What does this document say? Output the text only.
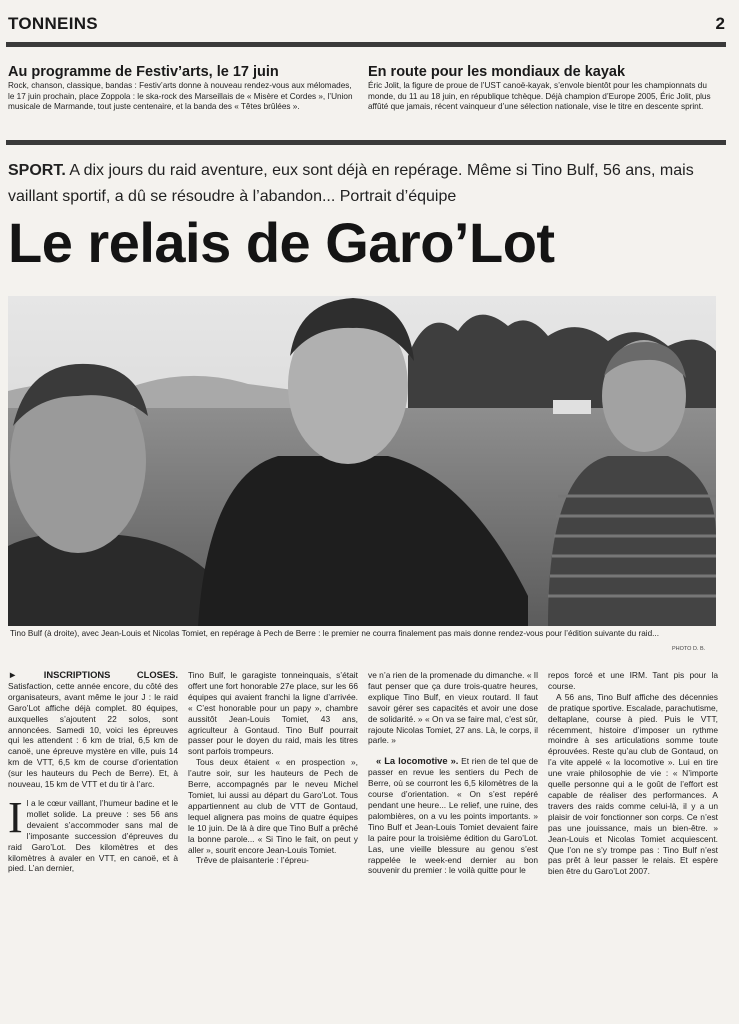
TONNEINS	2
Au programme de Festiv’arts, le 17 juin

Rock, chanson, classique, bandas : Festiv’arts donne à nouveau rendez-vous aux mélomades, le 17 juin prochain, place Zoppola : le ska-rock des Marseillais de « Misère et Cordes », l’Union musicale de Marmande, tout juste centenaire, et la banda des « Têtes brûlées ».

En route pour les mondiaux de kayak

Éric Jolit, la figure de proue de l’UST canoë-kayak, s’envole bientôt pour les championnats du monde, du 11 au 18 juin, en république tchèque. Déjà champion d’Europe 2005, Éric Jolit, plus affûté que jamais, récent vainqueur d’une sélection nationale, vise le titre en descente sprint.

SPORT. A dix jours du raid aventure, eux sont déjà en repérage. Même si Tino Bulf, 56 ans, mais vaillant sportif, a dû se résoudre à l’abandon... Portrait d’équipe
Le relais de Garo’Lot
Tino Bulf (à droite), avec Jean-Louis et Nicolas Tomiet, en repérage à Pech de Berre : le premier ne courra finalement pas mais donne rendez-vous pour l’édition suivante du raid...
PHOTO D. B.

► INSCRIPTIONS CLOSES. Satisfaction, cette année encore, du côté des organisateurs, avant même le jour J : le raid Garo’Lot affiche déjà complet. 80 équipes, auxquelles s’ajoutent 22 solos, sont annoncées. Samedi 10, voici les épreuves qui les attendent : 6 km de trial, 6,5 km de canoë, une épreuve mystère en ville, puis 14 km de VTT, 6,5 km de course d’orientation (sur les hauteurs du Pech de Berre). Et, à nouveau, 15 km de VTT et du tir à l’arc.

I l a le cœur vaillant, l’humeur badine et le mollet solide. La preuve : ses 56 ans devaient s’accommoder sans mal de l’imposante succession d’épreuves du raid Garo’Lot. Des kilomètres et des kilomètres à avaler en VTT, en canoë, et à pied. L’an dernier,

Tino Bulf, le garagiste tonneinquais, s’était offert une fort honorable 27e place, sur les 66 équipes qui avaient franchi la ligne d’arrivée. « C’est honorable pour un papy », chambre aussitôt Jean-Louis Tomiet, 43 ans, agriculteur à Gontaud. Tino Bulf pourrait passer pour le doyen du raid, mais les titres sont parfois trompeurs.

Tous deux étaient « en prospection », l’autre soir, sur les hauteurs de Pech de Berre, accompagnés par le neveu Michel Tomiet, lui aussi au départ du Garo’Lot. Tous appartiennent au club de VTT de Gontaud, lequel alignera pas moins de quatre équipes le 10 juin. De là à dire que Tino Bulf a prêché la bonne parole... « Si Tino le fait, on peut y aller », sourit encore Jean-Louis Tomiet.

Trêve de plaisanterie : l’épreu-

ve n’a rien de la promenade du dimanche. « Il faut penser que ça dure trois-quatre heures, explique Tino Bulf, en vieux routard. Il faut savoir gérer ses capacités et avoir une dose de solidarité. » « On va se faire mal, c’est sûr, rajoute Nicolas Tomiet, 27 ans. Là, le corps, il parle. »

« La locomotive ». Et rien de tel que de passer en revue les sentiers du Pech de Berre, où se courront les 6,5 kilomètres de la course d’orientation. « On s’est repéré pendant une heure... Le relief, une ruine, des palombières, on a vu les points importants. » Tino Bulf et Jean-Louis Tomiet devaient faire la paire pour la troisième édition du Garo’Lot. Las, une vieille blessure au genou s’est rappelée le week-end dernier au bon souvenir du premier : le voilà quitte pour le

repos forcé et une IRM. Tant pis pour la course.

A 56 ans, Tino Bulf affiche des décennies de pratique sportive. Escalade, parachutisme, deltaplane, course à pied. Puis le VTT, récemment, histoire d’imposer un rythme moindre à ses articulations somme toute éprouvées. Reste qu’au club de Gontaud, on l’a vite appelé « la locomotive ». Lui en tire une vraie philosophie de vie : « N’importe quelle personne qui a le goût de l’effort est capable de réaliser des performances. A travers des raids comme celui-là, il y a un plaisir de voir fonctionner son corps. Ce n’est pas une jouissance, mais un bien-être. » Jean-Louis et Nicolas Tomiet acquiescent. Que l’on ne s’y trompe pas : Tino Bulf n’est pas prêt à leur passer le relais. Et espère bien être du Garo’Lot 2007.
